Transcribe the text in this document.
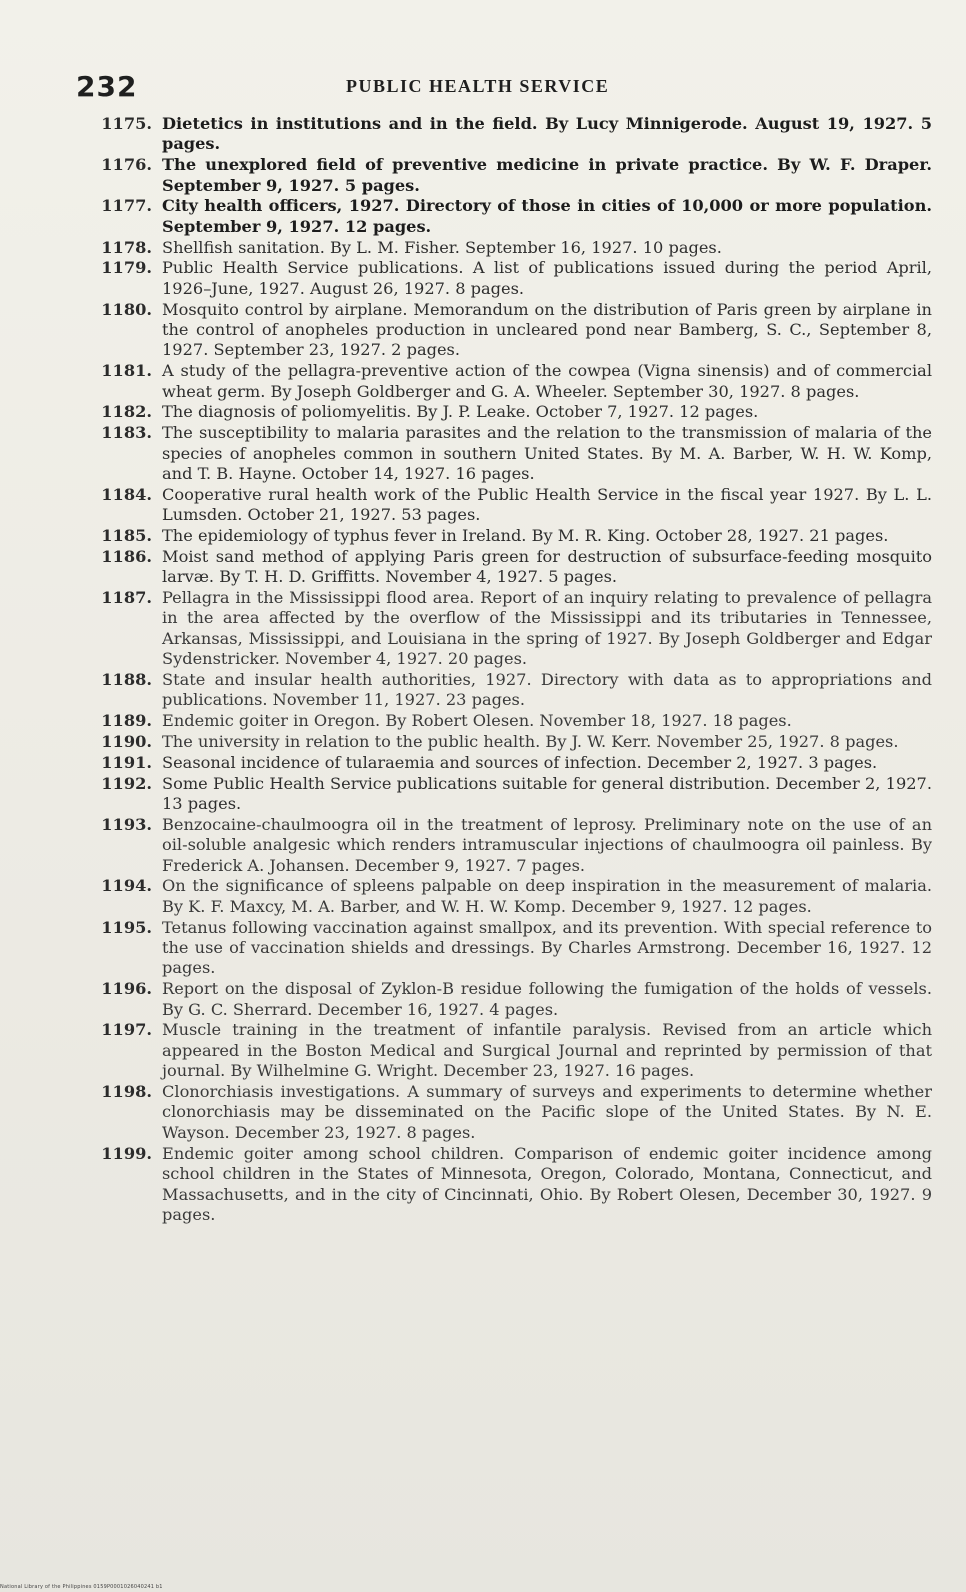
232	PUBLIC HEALTH SERVICE

1175. Dietetics in institutions and in the field. By Lucy Minnigerode. August 19, 1927. 5 pages.

1176. The unexplored field of preventive medicine in private practice. By W. F. Draper. September 9, 1927. 5 pages.

1177. City health officers, 1927. Directory of those in cities of 10,000 or more population. September 9, 1927. 12 pages.

1178. Shellfish sanitation. By L. M. Fisher. September 16, 1927. 10 pages.

1179. Public Health Service publications. A list of publications issued during the period April, 1926–June, 1927. August 26, 1927. 8 pages.

1180. Mosquito control by airplane. Memorandum on the distribution of Paris green by airplane in the control of anopheles production in uncleared pond near Bamberg, S. C., September 8, 1927. September 23, 1927. 2 pages.

1181. A study of the pellagra-preventive action of the cowpea (Vigna sinensis) and of commercial wheat germ. By Joseph Goldberger and G. A. Wheeler. September 30, 1927. 8 pages.

1182. The diagnosis of poliomyelitis. By J. P. Leake. October 7, 1927. 12 pages.

1183. The susceptibility to malaria parasites and the relation to the transmission of malaria of the species of anopheles common in southern United States. By M. A. Barber, W. H. W. Komp, and T. B. Hayne. October 14, 1927. 16 pages.

1184. Cooperative rural health work of the Public Health Service in the fiscal year 1927. By L. L. Lumsden. October 21, 1927. 53 pages.

1185. The epidemiology of typhus fever in Ireland. By M. R. King. October 28, 1927. 21 pages.

1186. Moist sand method of applying Paris green for destruction of subsurface-feeding mosquito larvæ. By T. H. D. Griffitts. November 4, 1927. 5 pages.

1187. Pellagra in the Mississippi flood area. Report of an inquiry relating to prevalence of pellagra in the area affected by the overflow of the Mississippi and its tributaries in Tennessee, Arkansas, Mississippi, and Louisiana in the spring of 1927. By Joseph Goldberger and Edgar Sydenstricker. November 4, 1927. 20 pages.

1188. State and insular health authorities, 1927. Directory with data as to appropriations and publications. November 11, 1927. 23 pages.

1189. Endemic goiter in Oregon. By Robert Olesen. November 18, 1927. 18 pages.

1190. The university in relation to the public health. By J. W. Kerr. November 25, 1927. 8 pages.

1191. Seasonal incidence of tularaemia and sources of infection. December 2, 1927. 3 pages.

1192. Some Public Health Service publications suitable for general distribution. December 2, 1927. 13 pages.

1193. Benzocaine-chaulmoogra oil in the treatment of leprosy. Preliminary note on the use of an oil-soluble analgesic which renders intramuscular injections of chaulmoogra oil painless. By Frederick A. Johansen. December 9, 1927. 7 pages.

1194. On the significance of spleens palpable on deep inspiration in the measurement of malaria. By K. F. Maxcy, M. A. Barber, and W. H. W. Komp. December 9, 1927. 12 pages.

1195. Tetanus following vaccination against smallpox, and its prevention. With special reference to the use of vaccination shields and dressings. By Charles Armstrong. December 16, 1927. 12 pages.

1196. Report on the disposal of Zyklon-B residue following the fumigation of the holds of vessels. By G. C. Sherrard. December 16, 1927. 4 pages.

1197. Muscle training in the treatment of infantile paralysis. Revised from an article which appeared in the Boston Medical and Surgical Journal and reprinted by permission of that journal. By Wilhelmine G. Wright. December 23, 1927. 16 pages.

1198. Clonorchiasis investigations. A summary of surveys and experiments to determine whether clonorchiasis may be disseminated on the Pacific slope of the United States. By N. E. Wayson. December 23, 1927. 8 pages.

1199. Endemic goiter among school children. Comparison of endemic goiter incidence among school children in the States of Minnesota, Oregon, Colorado, Montana, Connecticut, and Massachusetts, and in the city of Cincinnati, Ohio. By Robert Olesen, December 30, 1927. 9 pages.

National Library of the Philippines 0159P0001026040241 b1
